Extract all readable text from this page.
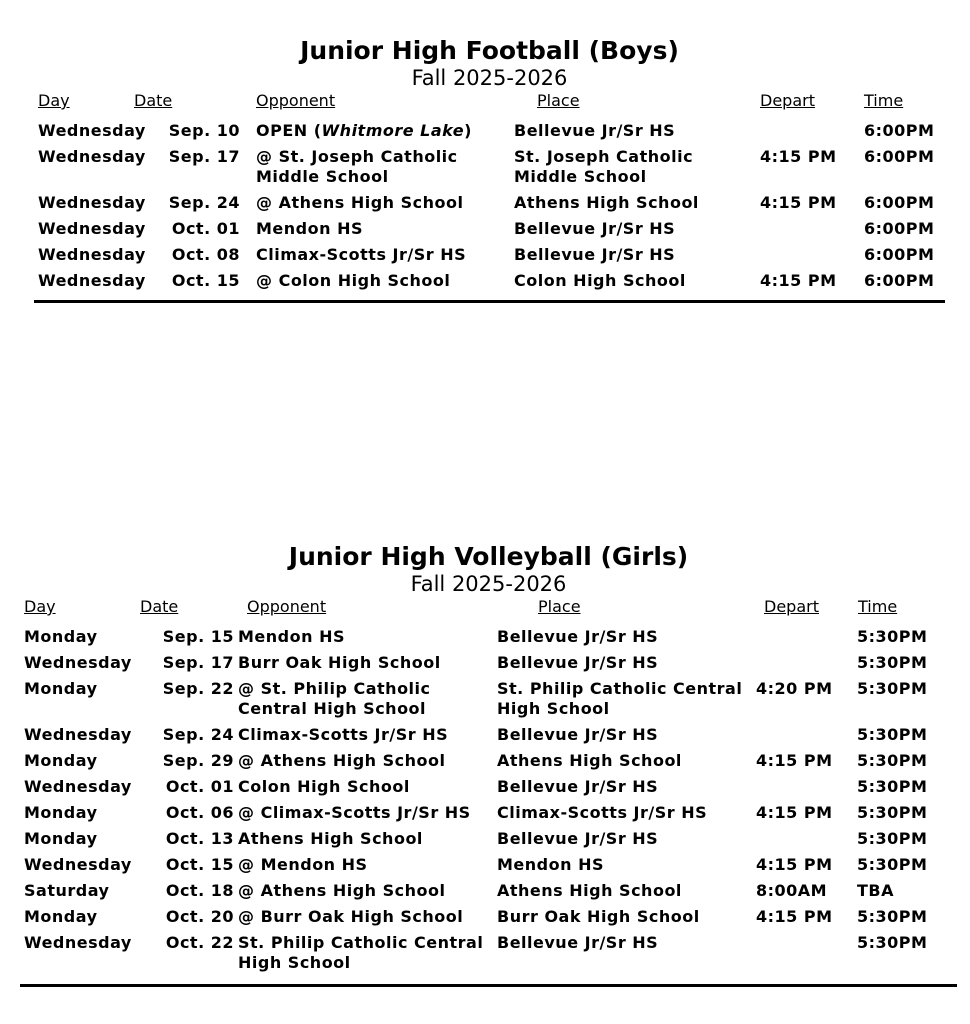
Junior High Football (Boys)
Fall 2025-2026
Day	Date	Opponent	Place	Depart	Time
Wednesday	Sep. 10	OPEN (Whitmore Lake)	Bellevue Jr/Sr HS		6:00PM
Wednesday	Sep. 17	@ St. Joseph Catholic Middle School	St. Joseph Catholic Middle School	4:15 PM	6:00PM
Wednesday	Sep. 24	@ Athens High School	Athens High School	4:15 PM	6:00PM
Wednesday	Oct. 01	Mendon HS	Bellevue Jr/Sr HS		6:00PM
Wednesday	Oct. 08	Climax-Scotts Jr/Sr HS	Bellevue Jr/Sr HS		6:00PM
Wednesday	Oct. 15	@ Colon High School	Colon High School	4:15 PM	6:00PM
Junior High Volleyball (Girls)
Fall 2025-2026
Day	Date	Opponent	Place	Depart	Time
Monday	Sep. 15	Mendon HS	Bellevue Jr/Sr HS		5:30PM
Wednesday	Sep. 17	Burr Oak High School	Bellevue Jr/Sr HS		5:30PM
Monday	Sep. 22	@ St. Philip Catholic Central High School	St. Philip Catholic Central High School	4:20 PM	5:30PM
Wednesday	Sep. 24	Climax-Scotts Jr/Sr HS	Bellevue Jr/Sr HS		5:30PM
Monday	Sep. 29	@ Athens High School	Athens High School	4:15 PM	5:30PM
Wednesday	Oct. 01	Colon High School	Bellevue Jr/Sr HS		5:30PM
Monday	Oct. 06	@ Climax-Scotts Jr/Sr HS	Climax-Scotts Jr/Sr HS	4:15 PM	5:30PM
Monday	Oct. 13	Athens High School	Bellevue Jr/Sr HS		5:30PM
Wednesday	Oct. 15	@ Mendon HS	Mendon HS	4:15 PM	5:30PM
Saturday	Oct. 18	@ Athens High School	Athens High School	8:00AM	TBA
Monday	Oct. 20	@ Burr Oak High School	Burr Oak High School	4:15 PM	5:30PM
Wednesday	Oct. 22	St. Philip Catholic Central High School	Bellevue Jr/Sr HS		5:30PM
